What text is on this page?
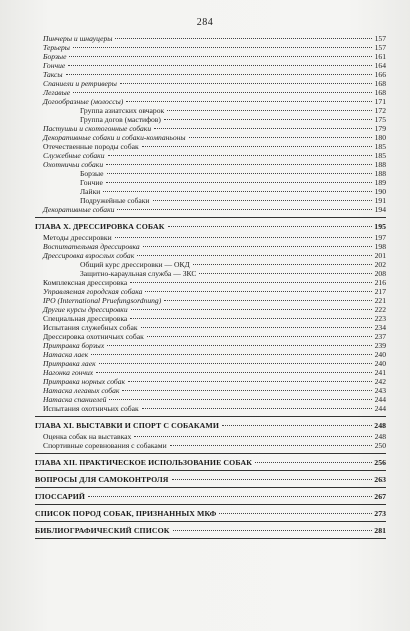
284
Пинчеры и шнауцеры	157
Терьеры	157
Борзые	161
Гончие	164
Таксы	166
Спаниели и ретриверы	168
Легавые	168
Догообразные (молоссы)	171
Группа азиатских овчарок	172
Группа догов (мастифов)	175
Пастушьи и скотогонные собаки	179
Декоративные собаки и собаки-компаньоны	180
Отечественные породы собак	185
Служебные собаки	185
Охотничьи собаки	188
Борзые	188
Гончие	189
Лайки	190
Подружейные собаки	191
Декоративные собаки	194
ГЛАВА X. ДРЕССИРОВКА СОБАК	195
Методы дрессировки	197
Воспитательная дрессировка	198
Дрессировка взрослых собак	201
Общий курс дрессировки — ОКД	202
Защитно-караульная служба — ЗКС	208
Комплексная дрессировка	216
Управляемая городская собака	217
IPO (International Pruefungsordnung)	221
Другие курсы дрессировки	222
Специальная дрессировка	223
Испытания служебных собак	234
Дрессировка охотничьих собак	237
Притравка борзых	239
Натаска лаек	240
Притравка лаек	240
Нагонка гончих	241
Притравка норных собак	242
Натаска легавых собак	243
Натаска спаниелей	244
Испытания охотничьих собак	244
ГЛАВА XI. ВЫСТАВКИ И СПОРТ С СОБАКАМИ	248
Оценка собак на выставках	248
Спортивные соревнования с собаками	250
ГЛАВА XII. ПРАКТИЧЕСКОЕ ИСПОЛЬЗОВАНИЕ СОБАК	256
ВОПРОСЫ ДЛЯ САМОКОНТРОЛЯ	263
ГЛОССАРИЙ	267
СПИСОК ПОРОД СОБАК, ПРИЗНАННЫХ МКФ	273
БИБЛИОГРАФИЧЕСКИЙ СПИСОК	281
